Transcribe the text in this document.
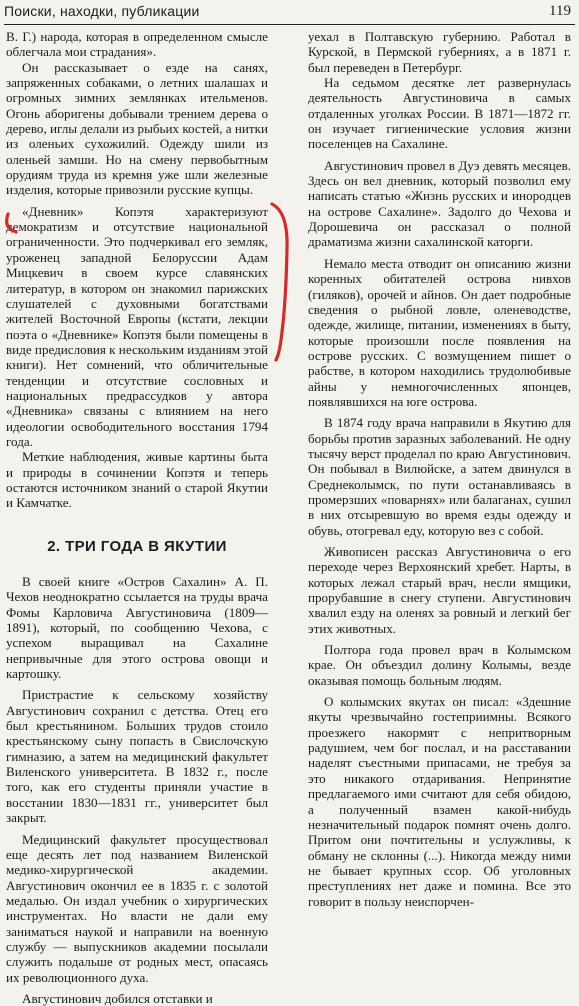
Поиски, находки, публикации	119

В. Г.) народа, которая в определенном смысле облегчала мои страдания».

Он рассказывает о езде на санях, запряженных собаками, о летних шалашах и огромных зимних землянках ительменов. Огонь аборигены добывали трением дерева о дерево, иглы делали из рыбьих костей, а нитки из оленьих сухожилий. Одежду шили из оленьей замши. Но на смену первобытным орудиям труда из кремня уже шли железные изделия, которые привозили русские купцы.

«Дневник» Копэтя характеризуют демократизм и отсутствие национальной ограниченности. Это подчеркивал его земляк, уроженец западной Белоруссии Адам Мицкевич в своем курсе славянских литератур, в котором он знакомил парижских слушателей с духовными богатствами жителей Восточной Европы (кстати, лекции поэта о «Дневнике» Копэтя были помещены в виде предисловия к нескольким изданиям этой книги). Нет сомнений, что обличительные тенденции и отсутствие сословных и национальных предрассудков у автора «Дневника» связаны с влиянием на него идеологии освободительного восстания 1794 года.

Меткие наблюдения, живые картины быта и природы в сочинении Копэтя и теперь остаются источником знаний о старой Якутии и Камчатке.

2. ТРИ ГОДА В ЯКУТИИ

В своей книге «Остров Сахалин» А. П. Чехов неоднократно ссылается на труды врача Фомы Карловича Августиновича (1809—1891), который, по сообщению Чехова, с успехом выращивал на Сахалине непривычные для этого острова овощи и картошку.

Пристрастие к сельскому хозяйству Августинович сохранил с детства. Отец его был крестьянином. Больших трудов стоило крестьянскому сыну попасть в Свислочскую гимназию, а затем на медицинский факультет Виленского университета. В 1832 г., после того, как его студенты приняли участие в восстании 1830—1831 гг., университет был закрыт.

Медицинский факультет просуществовал еще десять лет под названием Виленской медико-хирургической академии. Августинович окончил ее в 1835 г. с золотой медалью. Он издал учебник о хирургических инструментах. Но власти не дали ему заниматься наукой и направили на военную службу — выпускников академии посылали служить подальше от родных мест, опасаясь их революционного духа.

Августинович добился отставки и

уехал в Полтавскую губернию. Работал в Курской, в Пермской губерниях, а в 1871 г. был переведен в Петербург.

На седьмом десятке лет развернулась деятельность Августиновича в самых отдаленных уголках России. В 1871—1872 гг. он изучает гигиенические условия жизни поселенцев на Сахалине.

Августинович провел в Дуэ девять месяцев. Здесь он вел дневник, который позволил ему написать статью «Жизнь русских и инородцев на острове Сахалине». Задолго до Чехова и Дорошевича он рассказал о полной драматизма жизни сахалинской каторги.

Немало места отводит он описанию жизни коренных обитателей острова нивхов (гиляков), орочей и айнов. Он дает подробные сведения о рыбной ловле, оленеводстве, одежде, жилище, питании, изменениях в быту, которые произошли после появления на острове русских. С возмущением пишет о рабстве, в котором находились трудолюбивые айны у немногочисленных японцев, появлявшихся на юге острова.

В 1874 году врача направили в Якутию для борьбы против заразных заболеваний. Не одну тысячу верст проделал по краю Августинович. Он побывал в Вилюйске, а затем двинулся в Среднеколымск, по пути останавливаясь в промерзших «поварнях» или балаганах, сушил в них отсыревшую во время езды одежду и обувь, отогревал еду, которую вез с собой.

Живописен рассказ Августиновича о его переходе через Верхоянский хребет. Нарты, в которых лежал старый врач, несли ямщики, прорубавшие в снегу ступени. Августинович хвалил езду на оленях за ровный и легкий бег этих животных.

Полтора года провел врач в Колымском крае. Он объездил долину Колымы, везде оказывая помощь больным людям.

О колымских якутах он писал: «Здешние якуты чрезвычайно гостеприимны. Всякого проезжего накормят с непритворным радушием, чем бог послал, и на расставании наделят съестными припасами, не требуя за это никакого отдаривания. Непринятие предлагаемого ими считают для себя обидою, а полученный взамен какой-нибудь незначительный подарок помнят очень долго. Притом они почтительны и услужливы, к обману не склонны (...). Никогда между ними не бывает крупных ссор. Об уголовных преступлениях нет даже и помина. Все это говорит в пользу неиспорчен-
